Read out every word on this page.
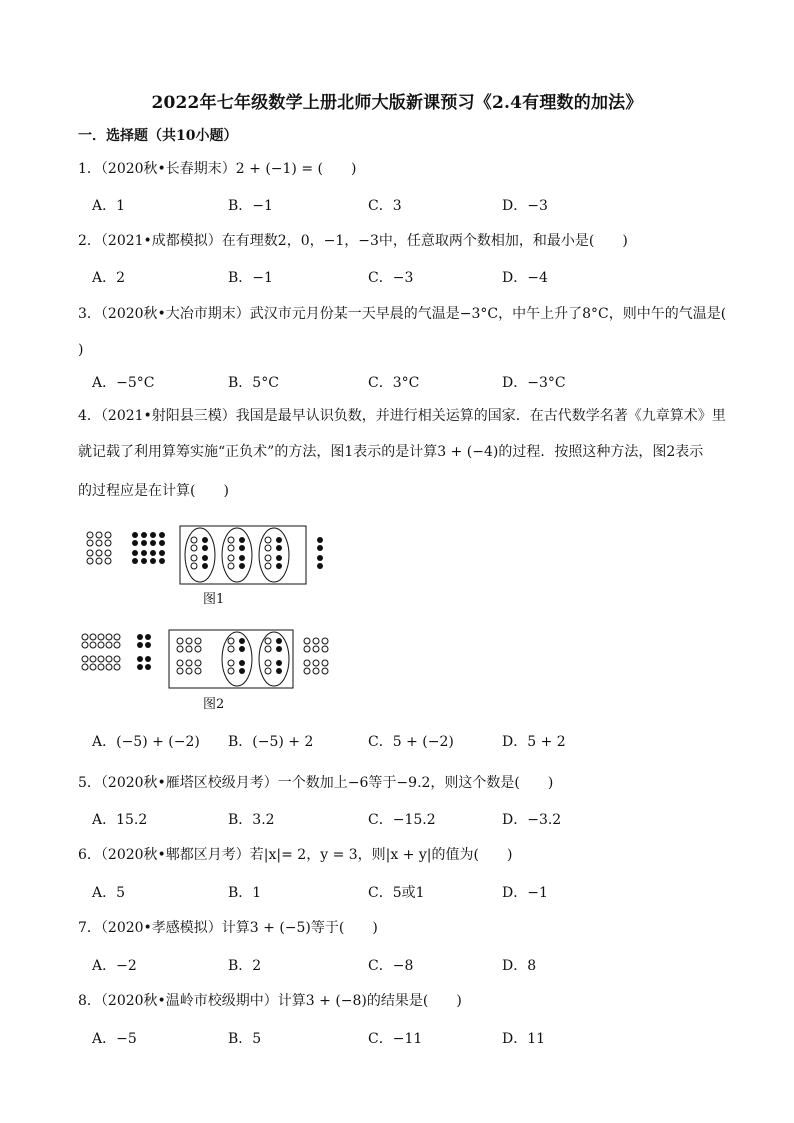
2022年七年级数学上册北师大版新课预习《2.4有理数的加法》
一．选择题（共10小题）
1．（2020秋•长春期末）2 + (−1) = (　　)
A．1	B．−1	C．3	D．−3
2．（2021•成都模拟）在有理数2，0，−1，−3中，任意取两个数相加，和最小是(　　)
A．2	B．−1	C．−3	D．−4
3．（2020秋•大冶市期末）武汉市元月份某一天早晨的气温是−3°C，中午上升了8°C，则中午的气温是(
)
A．−5°C	B．5°C	C．3°C	D．−3°C
4．（2021•射阳县三模）我国是最早认识负数，并进行相关运算的国家．在古代数学名著《九章算术》里
就记载了利用算筹实施“正负术”的方法，图1表示的是计算3 + (−4)的过程．按照这种方法，图2表示
的过程应是在计算(　　)
图1
图2
A．(−5) + (−2) B．(−5) + 2	C．5 + (−2)	D．5 + 2
5．（2020秋•雁塔区校级月考）一个数加上−6等于−9.2，则这个数是(　　)
A．15.2	B．3.2	C．−15.2	D．−3.2
6．（2020秋•郫都区月考）若|x|= 2，y = 3，则|x + y|的值为(　　)
A．5	B．1	C．5或1	D．−1
7．（2020•孝感模拟）计算3 + (−5)等于(　　)
A．−2	B．2	C．−8	D．8
8．（2020秋•温岭市校级期中）计算3 + (−8)的结果是(　　)
A．−5	B．5	C．−11	D．11
